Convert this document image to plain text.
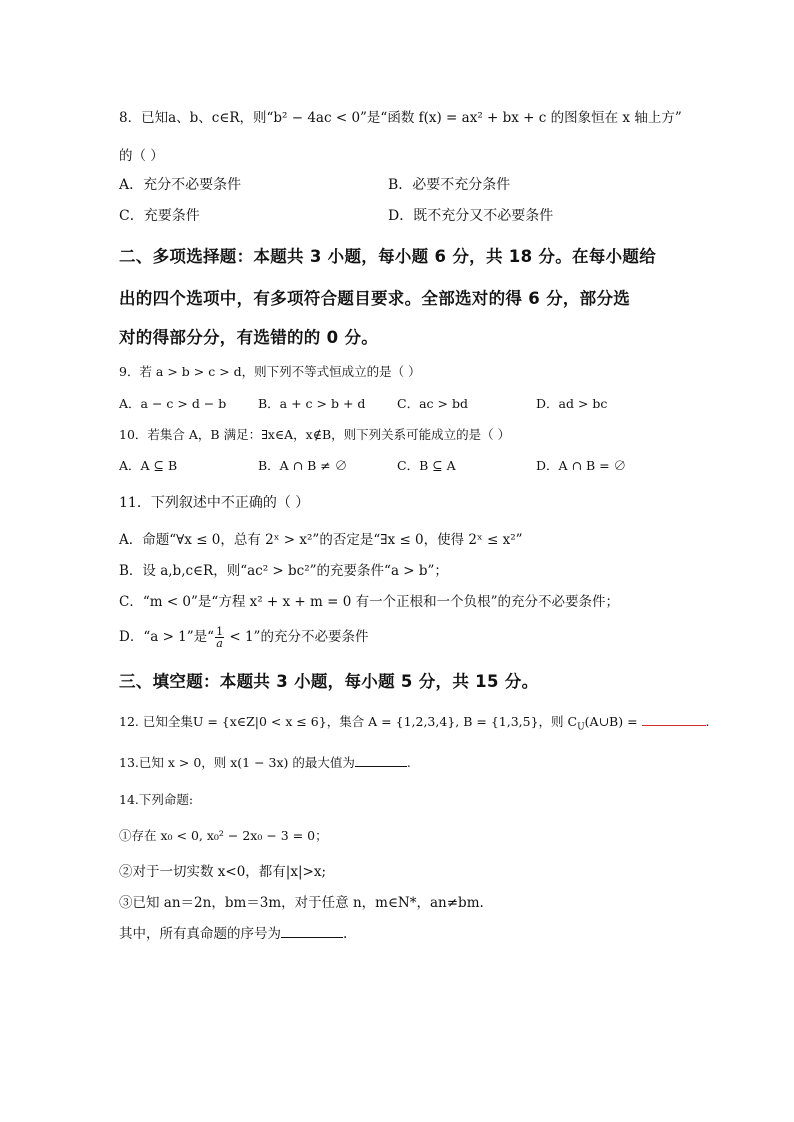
8．已知a、b、c∈R，则“b² − 4ac < 0”是“函数 f(x) = ax² + bx + c 的图象恒在 x 轴上方”
的（ ）
A．充分不必要条件	B．必要不充分条件
C．充要条件	D．既不充分又不必要条件
二、多项选择题：本题共 3 小题，每小题 6 分，共 18 分。在每小题给
出的四个选项中，有多项符合题目要求。全部选对的得 6 分，部分选
对的得部分分，有选错的的 0 分。
9．若 a > b > c > d，则下列不等式恒成立的是（ ）
A．a − c > d − b	B．a + c > b + d	C．ac > bd	D．ad > bc
10．若集合 A，B 满足：∃x∈A，x∉B，则下列关系可能成立的是（ ）
A．A ⊆ B	B．A ∩ B ≠ ∅	C．B ⊆ A	D．A ∩ B = ∅
11．下列叙述中不正确的（ ）
A．命题“∀x ≤ 0，总有 2ˣ > x²”的否定是“∃x ≤ 0，使得 2ˣ ≤ x²”
B．设 a,b,c∈R，则“ac² > bc²”的充要条件“a > b”；
C．“m < 0”是“方程 x² + x + m = 0 有一个正根和一个负根”的充分不必要条件；
D．“a > 1”是“ $\frac{1}{a} < 1$”的充分不必要条件
三、填空题：本题共 3 小题，每小题 5 分，共 15 分。
12. 已知全集U = {x∈Z|0 < x ≤ 6}，集合 A = {1,2,3,4}, B = {1,3,5}，则 $C_U(A\cup B)$ =	.
13.已知 x > 0，则 x(1 − 3x) 的最大值为	.
14.下列命题:
①存在 x₀ < 0, x₀² − 2x₀ − 3 = 0；
②对于一切实数 x<0，都有|x|>x;
③已知 an＝2n，bm＝3m，对于任意 n，m∈N*，an≠bm.
其中，所有真命题的序号为	.
